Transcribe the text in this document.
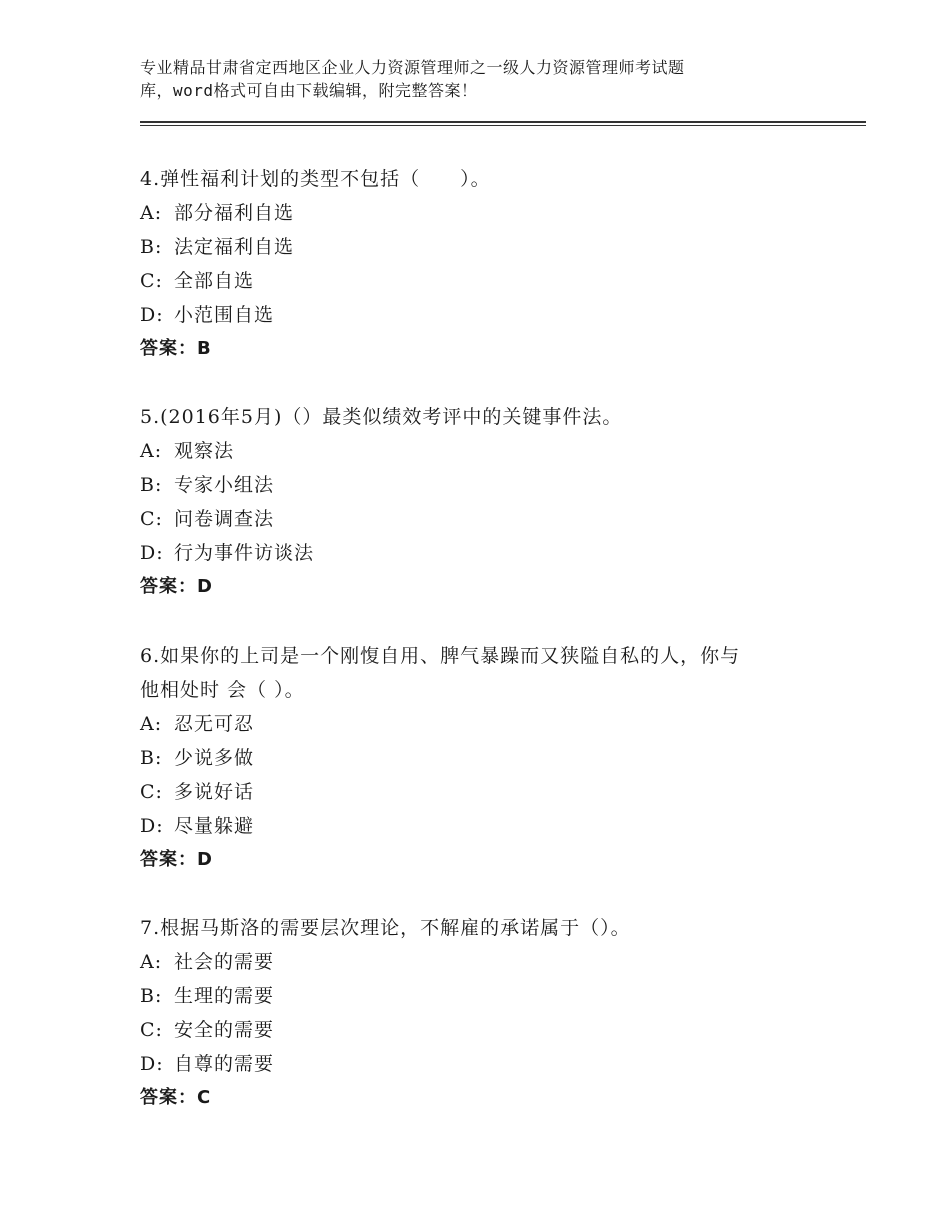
专业精品甘肃省定西地区企业人力资源管理师之一级人力资源管理师考试题
库，word格式可自由下载编辑，附完整答案！
4.弹性福利计划的类型不包括（　　）。
A: 部分福利自选
B: 法定福利自选
C: 全部自选
D: 小范围自选
答案：B
5.(2016年5月)（）最类似绩效考评中的关键事件法。
A: 观察法
B: 专家小组法
C: 问卷调查法
D: 行为事件访谈法
答案：D
6.如果你的上司是一个刚愎自用、脾气暴躁而又狭隘自私的人，你与
他相处时 会（ ）。
A: 忍无可忍
B: 少说多做
C: 多说好话
D: 尽量躲避
答案：D
7.根据马斯洛的需要层次理论，不解雇的承诺属于（）。
A: 社会的需要
B: 生理的需要
C: 安全的需要
D: 自尊的需要
答案：C
